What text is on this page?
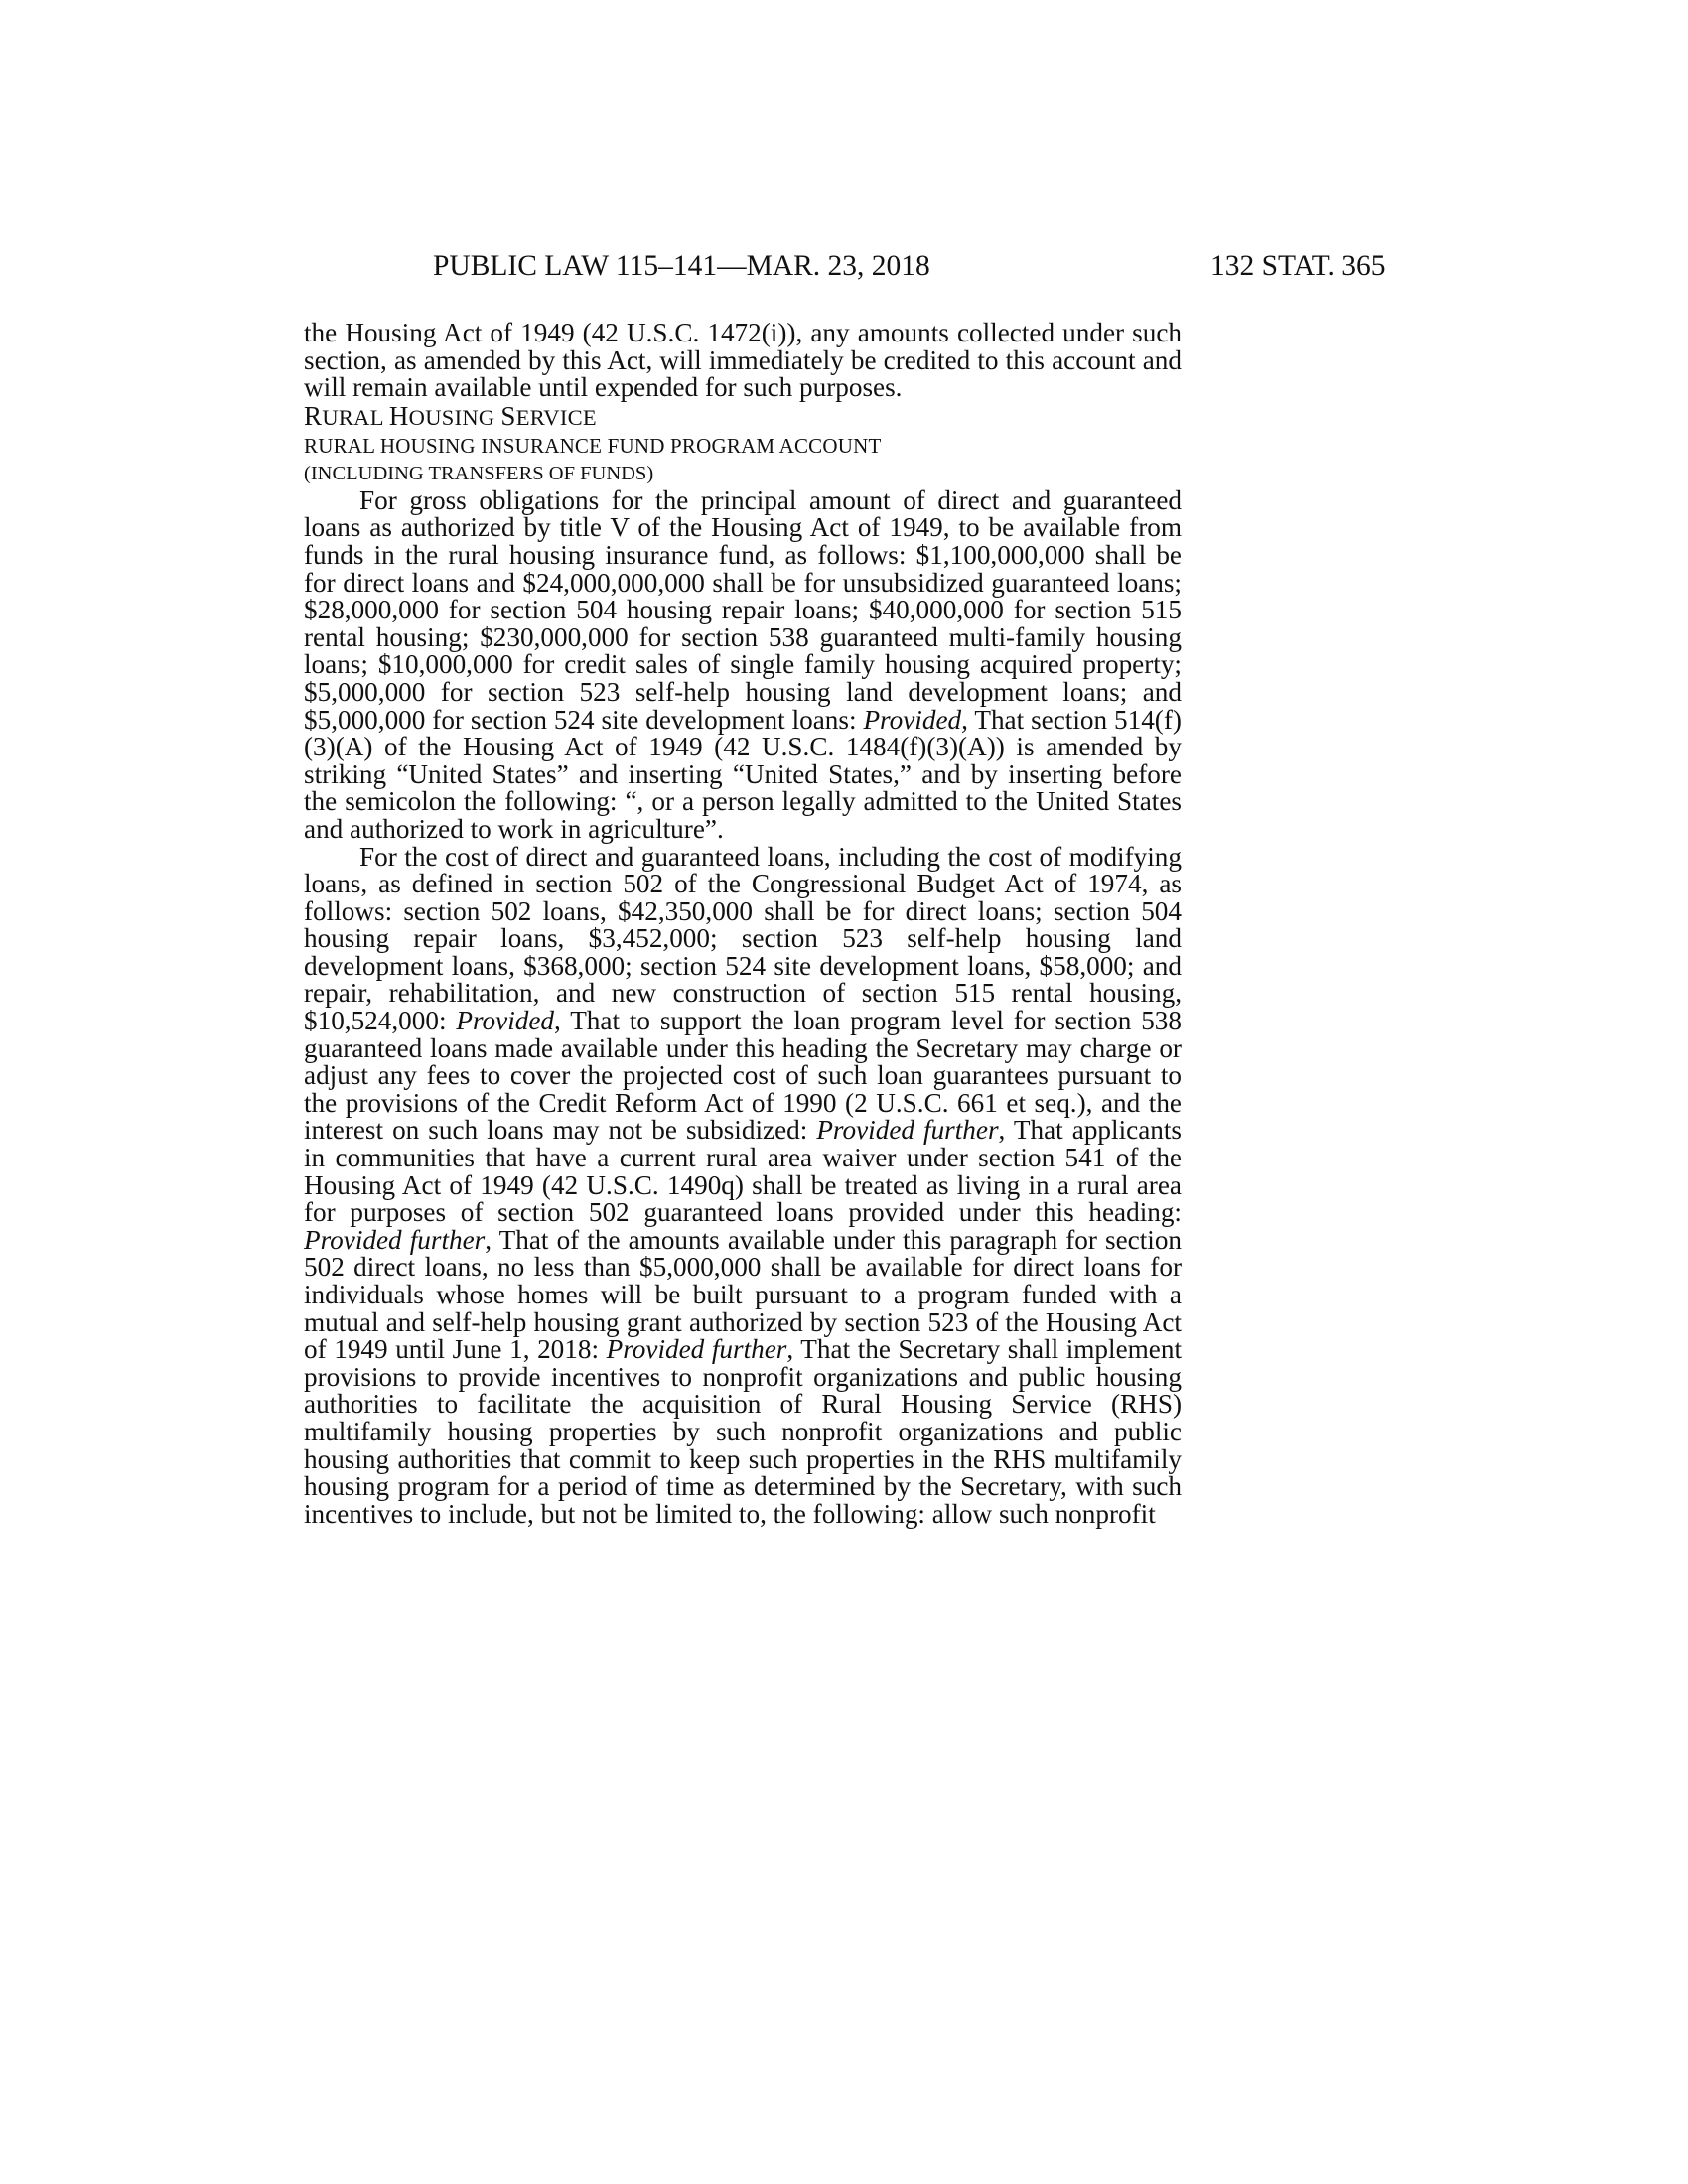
PUBLIC LAW 115–141—MAR. 23, 2018	132 STAT. 365

the Housing Act of 1949 (42 U.S.C. 1472(i)), any amounts collected under such section, as amended by this Act, will immediately be credited to this account and will remain available until expended for such purposes.

RURAL HOUSING SERVICE

RURAL HOUSING INSURANCE FUND PROGRAM ACCOUNT

(INCLUDING TRANSFERS OF FUNDS)

For gross obligations for the principal amount of direct and guaranteed loans as authorized by title V of the Housing Act of 1949, to be available from funds in the rural housing insurance fund, as follows: $1,100,000,000 shall be for direct loans and $24,000,000,000 shall be for unsubsidized guaranteed loans; $28,000,000 for section 504 housing repair loans; $40,000,000 for section 515 rental housing; $230,000,000 for section 538 guaranteed multi-family housing loans; $10,000,000 for credit sales of single family housing acquired property; $5,000,000 for section 523 self-help housing land development loans; and $5,000,000 for section 524 site development loans: Provided, That section 514(f)(3)(A) of the Housing Act of 1949 (42 U.S.C. 1484(f)(3)(A)) is amended by striking “United States” and inserting “United States,” and by inserting before the semicolon the following: “, or a person legally admitted to the United States and authorized to work in agriculture”.

For the cost of direct and guaranteed loans, including the cost of modifying loans, as defined in section 502 of the Congressional Budget Act of 1974, as follows: section 502 loans, $42,350,000 shall be for direct loans; section 504 housing repair loans, $3,452,000; section 523 self-help housing land development loans, $368,000; section 524 site development loans, $58,000; and repair, rehabilitation, and new construction of section 515 rental housing, $10,524,000: Provided, That to support the loan program level for section 538 guaranteed loans made available under this heading the Secretary may charge or adjust any fees to cover the projected cost of such loan guarantees pursuant to the provisions of the Credit Reform Act of 1990 (2 U.S.C. 661 et seq.), and the interest on such loans may not be subsidized: Provided further, That applicants in communities that have a current rural area waiver under section 541 of the Housing Act of 1949 (42 U.S.C. 1490q) shall be treated as living in a rural area for purposes of section 502 guaranteed loans provided under this heading: Provided further, That of the amounts available under this paragraph for section 502 direct loans, no less than $5,000,000 shall be available for direct loans for individuals whose homes will be built pursuant to a program funded with a mutual and self-help housing grant authorized by section 523 of the Housing Act of 1949 until June 1, 2018: Provided further, That the Secretary shall implement provisions to provide incentives to nonprofit organizations and public housing authorities to facilitate the acquisition of Rural Housing Service (RHS) multifamily housing properties by such nonprofit organizations and public housing authorities that commit to keep such properties in the RHS multifamily housing program for a period of time as determined by the Secretary, with such incentives to include, but not be limited to, the following: allow such nonprofit
